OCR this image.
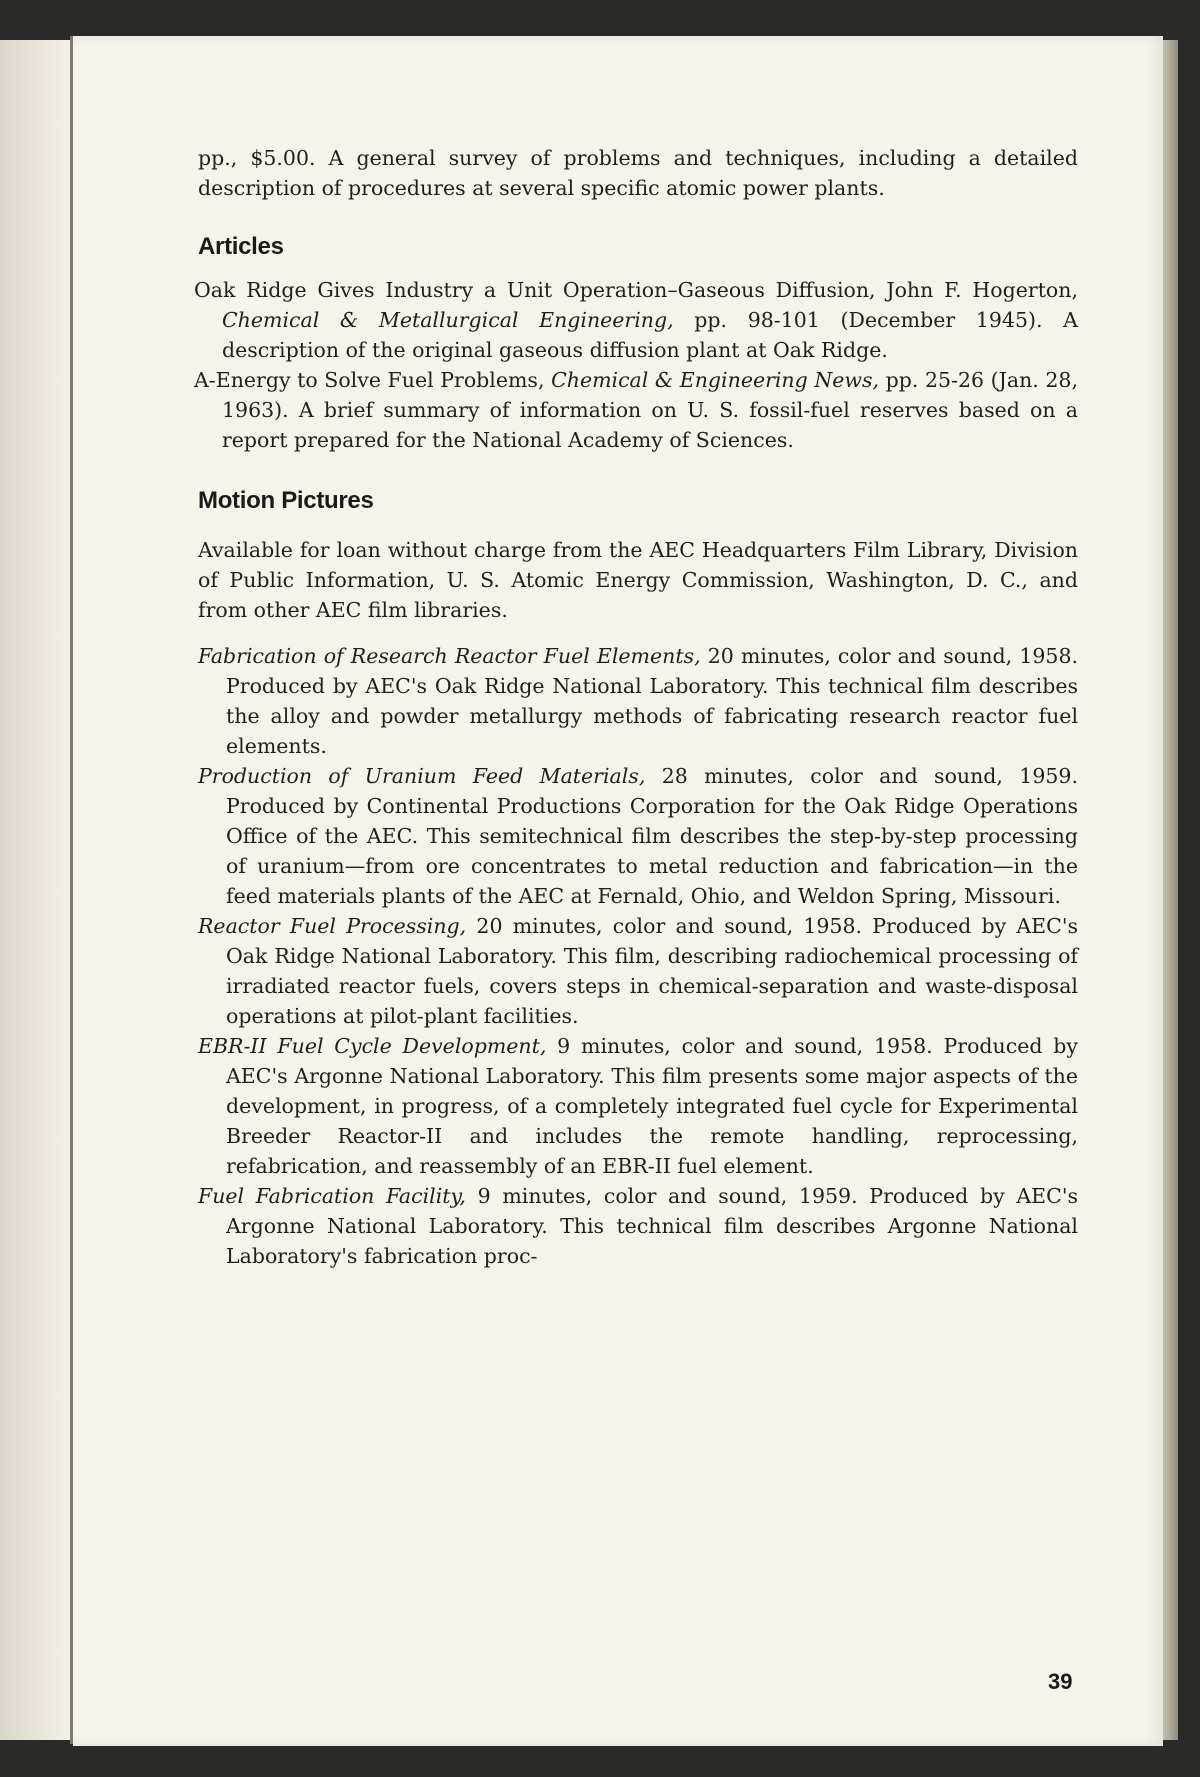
pp., $5.00. A general survey of problems and techniques, including a detailed description of procedures at several specific atomic power plants.

Articles

Oak Ridge Gives Industry a Unit Operation–Gaseous Diffusion, John F. Hogerton, Chemical & Metallurgical Engineering, pp. 98-101 (December 1945). A description of the original gaseous diffusion plant at Oak Ridge.

A-Energy to Solve Fuel Problems, Chemical & Engineering News, pp. 25-26 (Jan. 28, 1963). A brief summary of information on U. S. fossil-fuel reserves based on a report prepared for the National Academy of Sciences.

Motion Pictures

Available for loan without charge from the AEC Headquarters Film Library, Division of Public Information, U. S. Atomic Energy Commission, Washington, D. C., and from other AEC film libraries.

Fabrication of Research Reactor Fuel Elements, 20 minutes, color and sound, 1958. Produced by AEC's Oak Ridge National Laboratory. This technical film describes the alloy and powder metallurgy methods of fabricating research reactor fuel elements.

Production of Uranium Feed Materials, 28 minutes, color and sound, 1959. Produced by Continental Productions Corporation for the Oak Ridge Operations Office of the AEC. This semitechnical film describes the step-by-step processing of uranium—from ore concentrates to metal reduction and fabrication—in the feed materials plants of the AEC at Fernald, Ohio, and Weldon Spring, Missouri.

Reactor Fuel Processing, 20 minutes, color and sound, 1958. Produced by AEC's Oak Ridge National Laboratory. This film, describing radiochemical processing of irradiated reactor fuels, covers steps in chemical-separation and waste-disposal operations at pilot-plant facilities.

EBR-II Fuel Cycle Development, 9 minutes, color and sound, 1958. Produced by AEC's Argonne National Laboratory. This film presents some major aspects of the development, in progress, of a completely integrated fuel cycle for Experimental Breeder Reactor-II and includes the remote handling, reprocessing, refabrication, and reassembly of an EBR-II fuel element.

Fuel Fabrication Facility, 9 minutes, color and sound, 1959. Produced by AEC's Argonne National Laboratory. This technical film describes Argonne National Laboratory's fabrication proc-

39
